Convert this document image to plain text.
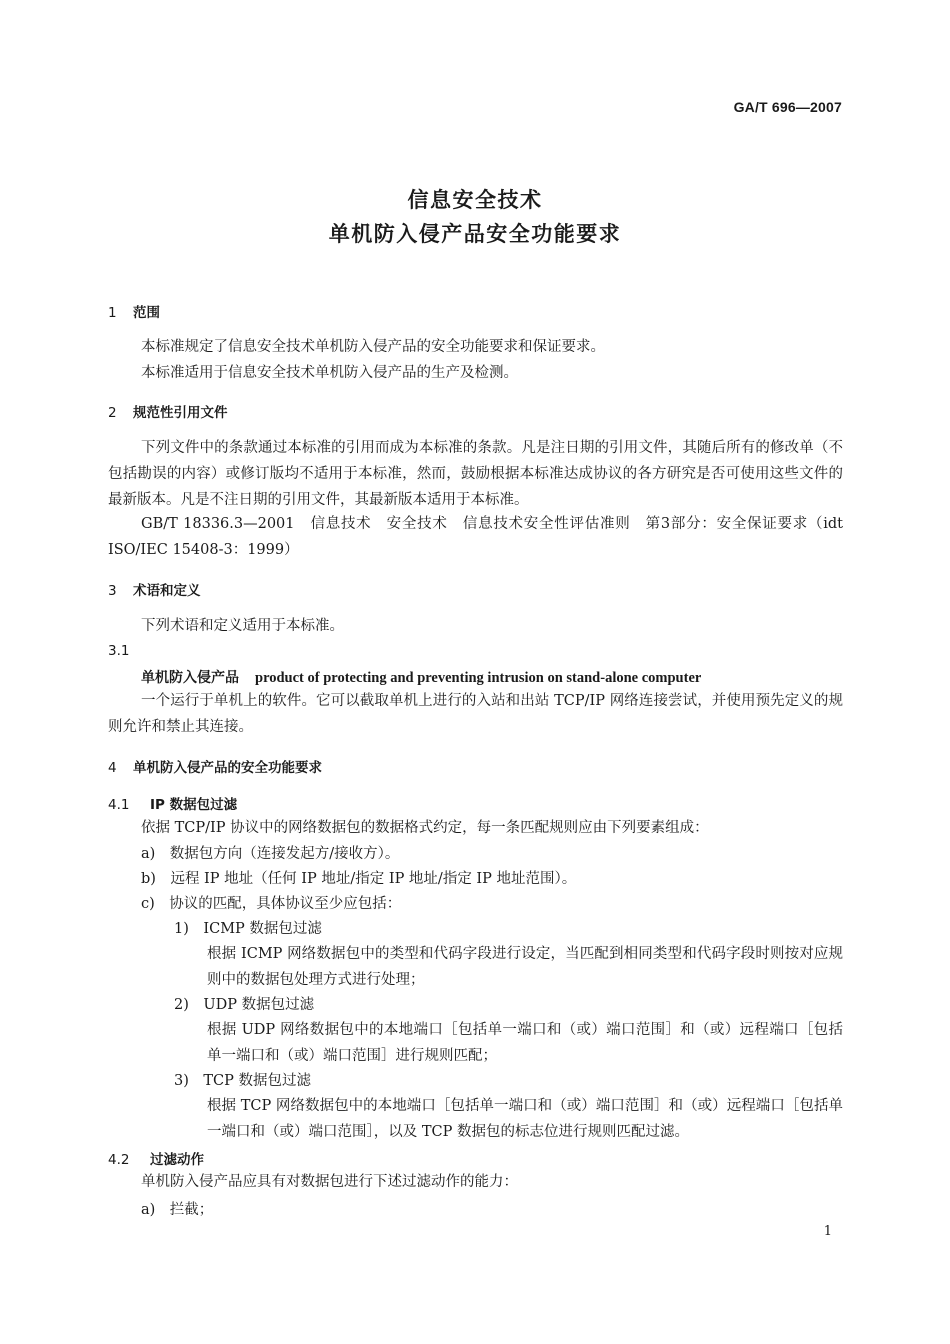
GA/T 696—2007
信息安全技术
单机防入侵产品安全功能要求
1 范围
本标准规定了信息安全技术单机防入侵产品的安全功能要求和保证要求。
本标准适用于信息安全技术单机防入侵产品的生产及检测。
2 规范性引用文件
下列文件中的条款通过本标准的引用而成为本标准的条款。凡是注日期的引用文件，其随后所有的修改单（不包括勘误的内容）或修订版均不适用于本标准，然而，鼓励根据本标准达成协议的各方研究是否可使用这些文件的最新版本。凡是不注日期的引用文件，其最新版本适用于本标准。
GB/T 18336.3—2001　信息技术　安全技术　信息技术安全性评估准则　第3部分：安全保证要求（idt ISO/IEC 15408-3：1999）
3 术语和定义
下列术语和定义适用于本标准。
3.1
单机防入侵产品 product of protecting and preventing intrusion on stand-alone computer
一个运行于单机上的软件。它可以截取单机上进行的入站和出站 TCP/IP 网络连接尝试，并使用预先定义的规则允许和禁止其连接。
4 单机防入侵产品的安全功能要求
4.1 IP 数据包过滤
依据 TCP/IP 协议中的网络数据包的数据格式约定，每一条匹配规则应由下列要素组成：
a)　数据包方向（连接发起方/接收方）。
b)　远程 IP 地址（任何 IP 地址/指定 IP 地址/指定 IP 地址范围）。
c)　协议的匹配，具体协议至少应包括：
1)　ICMP 数据包过滤
根据 ICMP 网络数据包中的类型和代码字段进行设定，当匹配到相同类型和代码字段时则按对应规则中的数据包处理方式进行处理；
2)　UDP 数据包过滤
根据 UDP 网络数据包中的本地端口［包括单一端口和（或）端口范围］和（或）远程端口［包括单一端口和（或）端口范围］进行规则匹配；
3)　TCP 数据包过滤
根据 TCP 网络数据包中的本地端口［包括单一端口和（或）端口范围］和（或）远程端口［包括单一端口和（或）端口范围］，以及 TCP 数据包的标志位进行规则匹配过滤。
4.2 过滤动作
单机防入侵产品应具有对数据包进行下述过滤动作的能力：
a)　拦截；
1
